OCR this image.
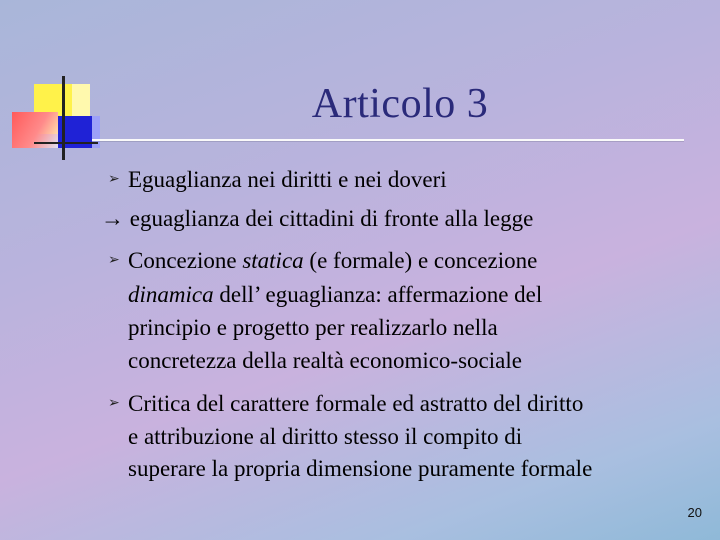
Articolo 3
➢ Eguaglianza nei diritti e nei doveri
→ eguaglianza dei cittadini di fronte alla legge
➢ Concezione statica (e formale) e concezione
dinamica dell’ eguaglianza: affermazione del
principio e progetto per realizzarlo nella
concretezza della realtà economico-sociale
➢ Critica del carattere formale ed astratto del diritto
e attribuzione al diritto stesso il compito di
superare la propria dimensione puramente formale
20
